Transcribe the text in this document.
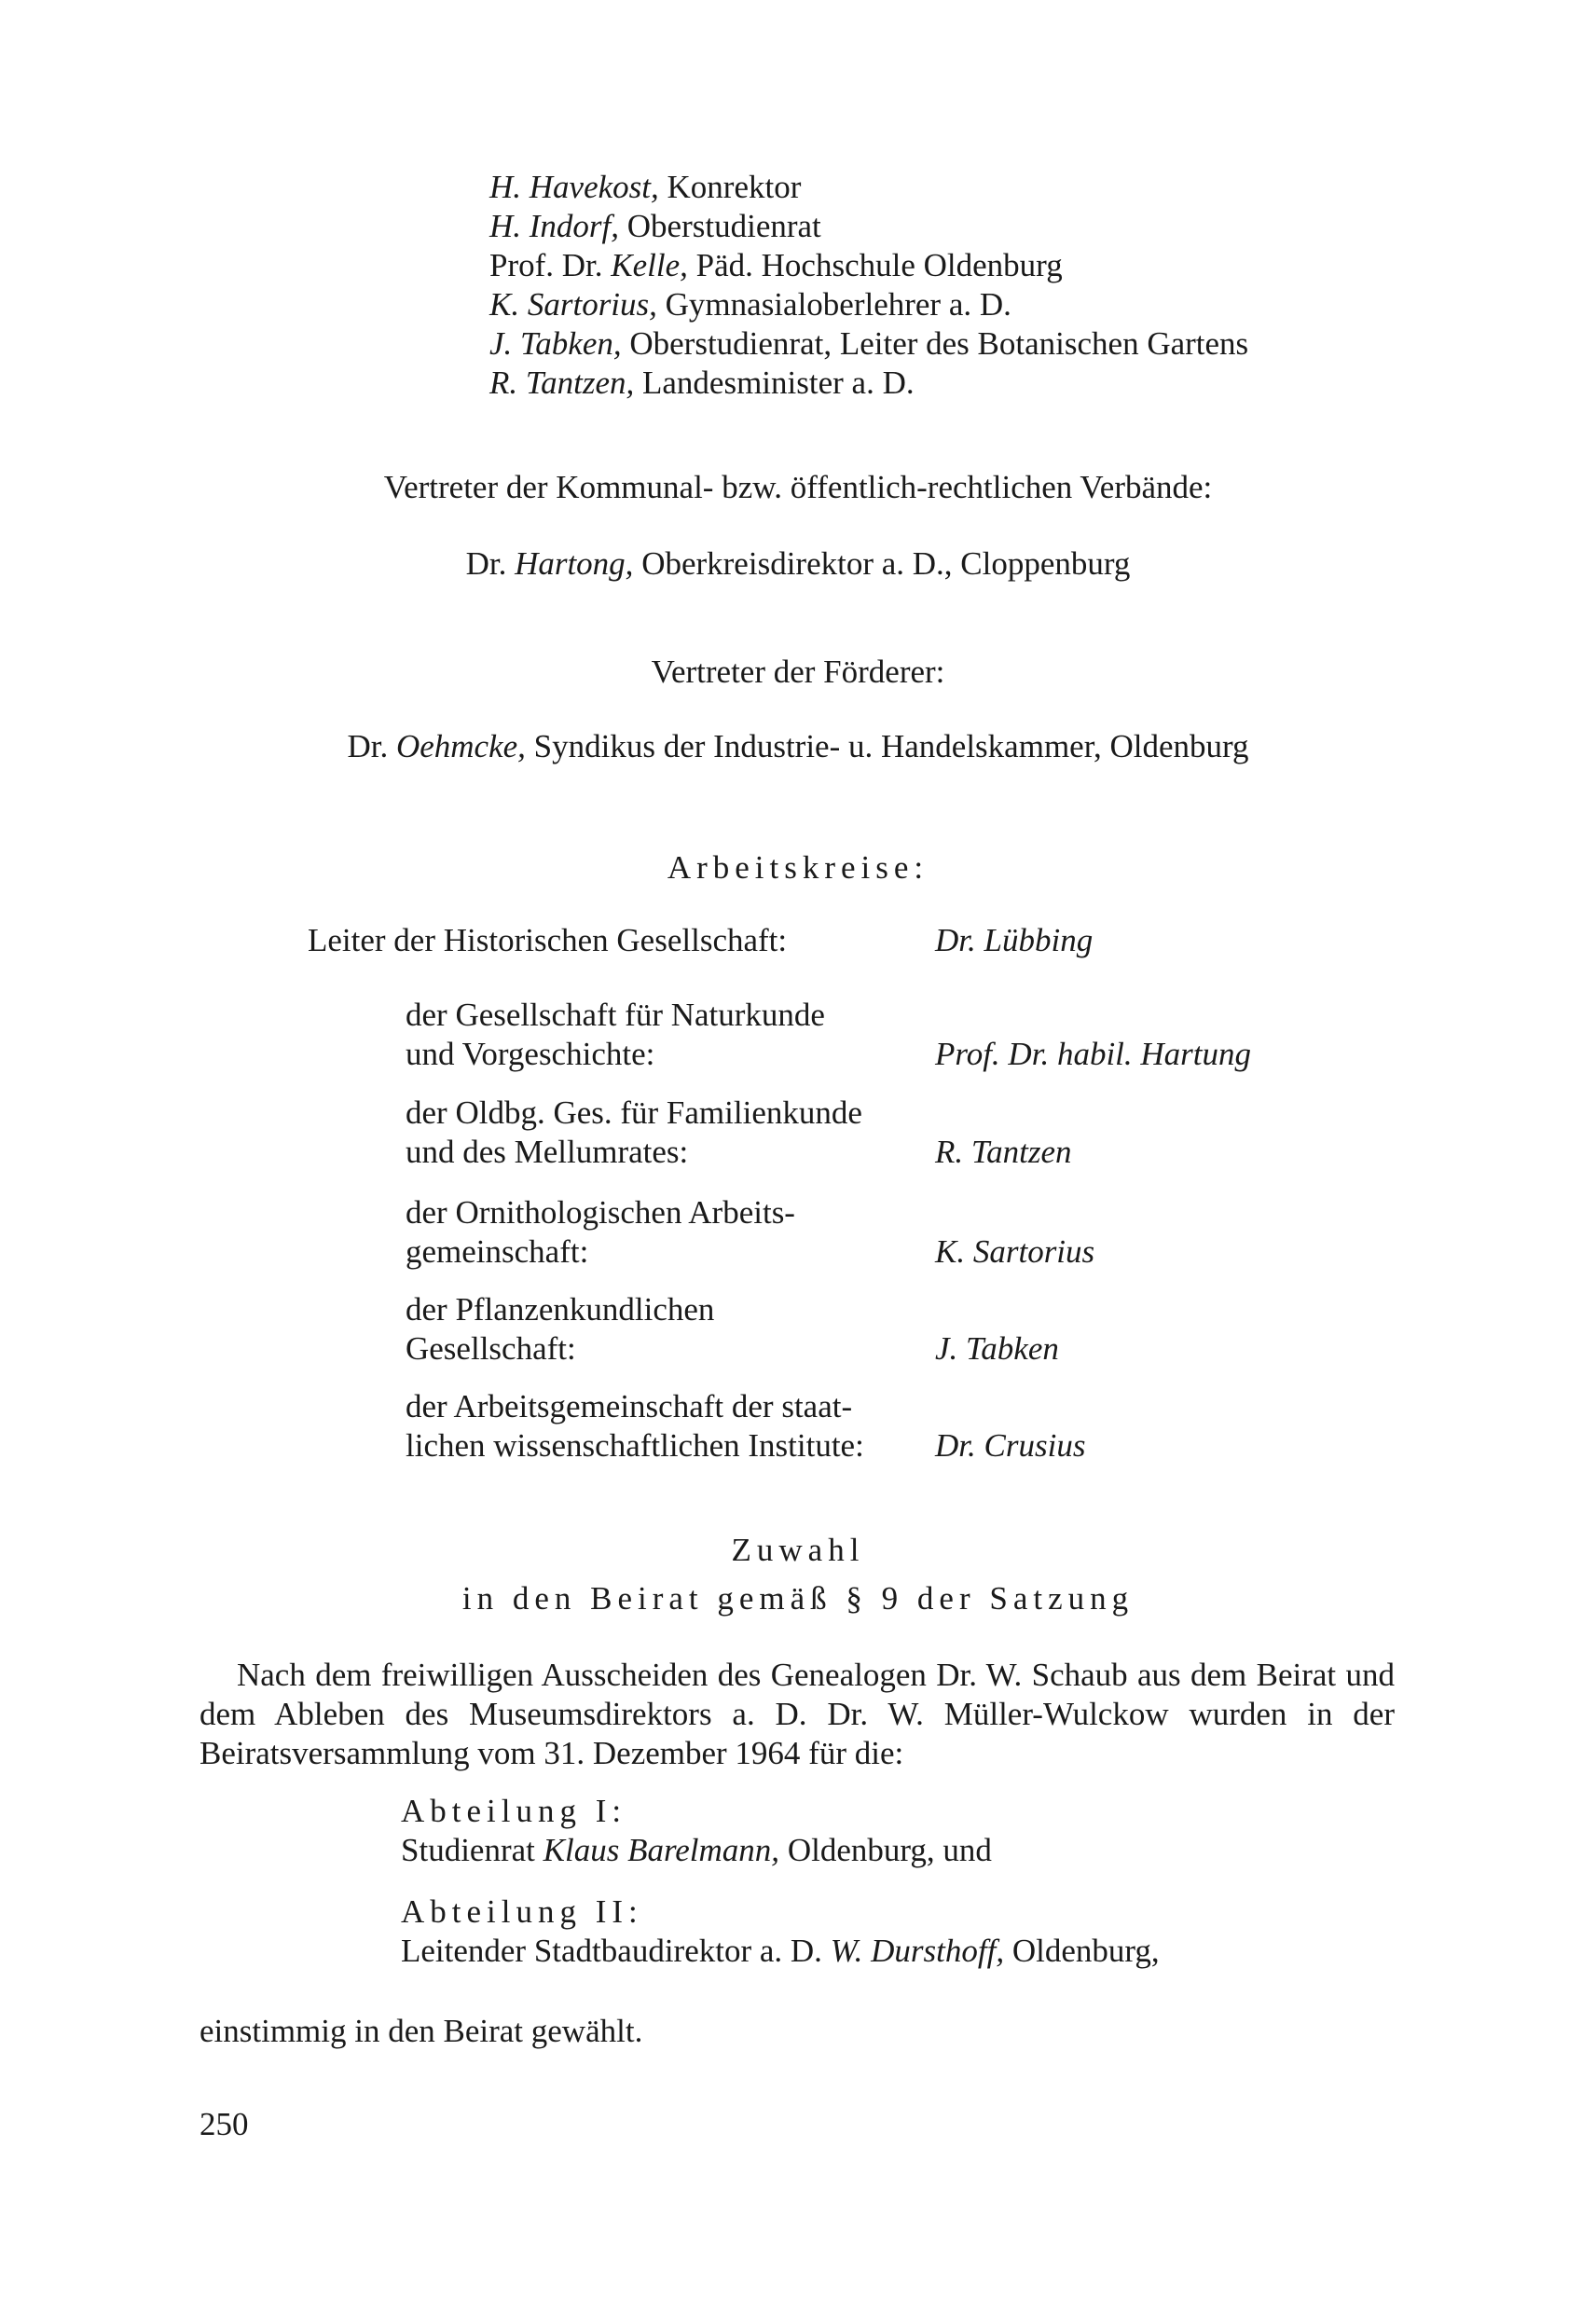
H. Havekost, Konrektor
H. Indorf, Oberstudienrat
Prof. Dr. Kelle, Päd. Hochschule Oldenburg
K. Sartorius, Gymnasialoberlehrer a. D.
J. Tabken, Oberstudienrat, Leiter des Botanischen Gartens
R. Tantzen, Landesminister a. D.
Vertreter der Kommunal- bzw. öffentlich-rechtlichen Verbände:
Dr. Hartong, Oberkreisdirektor a. D., Cloppenburg
Vertreter der Förderer:
Dr. Oehmcke, Syndikus der Industrie- u. Handelskammer, Oldenburg
Arbeitskreise:
Leiter der Historischen Gesellschaft:	Dr. Lübbing
der Gesellschaft für Naturkunde
und Vorgeschichte:	Prof. Dr. habil. Hartung
der Oldbg. Ges. für Familienkunde
und des Mellumrates:	R. Tantzen
der Ornithologischen Arbeits-
gemeinschaft:	K. Sartorius
der Pflanzenkundlichen
Gesellschaft:	J. Tabken
der Arbeitsgemeinschaft der staat-
lichen wissenschaftlichen Institute: Dr. Crusius
Zuwahl
in den Beirat gemäß § 9 der Satzung
Nach dem freiwilligen Ausscheiden des Genealogen Dr. W. Schaub aus dem Beirat und dem Ableben des Museumsdirektors a. D. Dr. W. Müller-Wulckow wurden in der Beiratsversammlung vom 31. Dezember 1964 für die:
Abteilung I:
Studienrat Klaus Barelmann, Oldenburg, und
Abteilung II:
Leitender Stadtbaudirektor a. D. W. Dursthoff, Oldenburg,
einstimmig in den Beirat gewählt.
250
